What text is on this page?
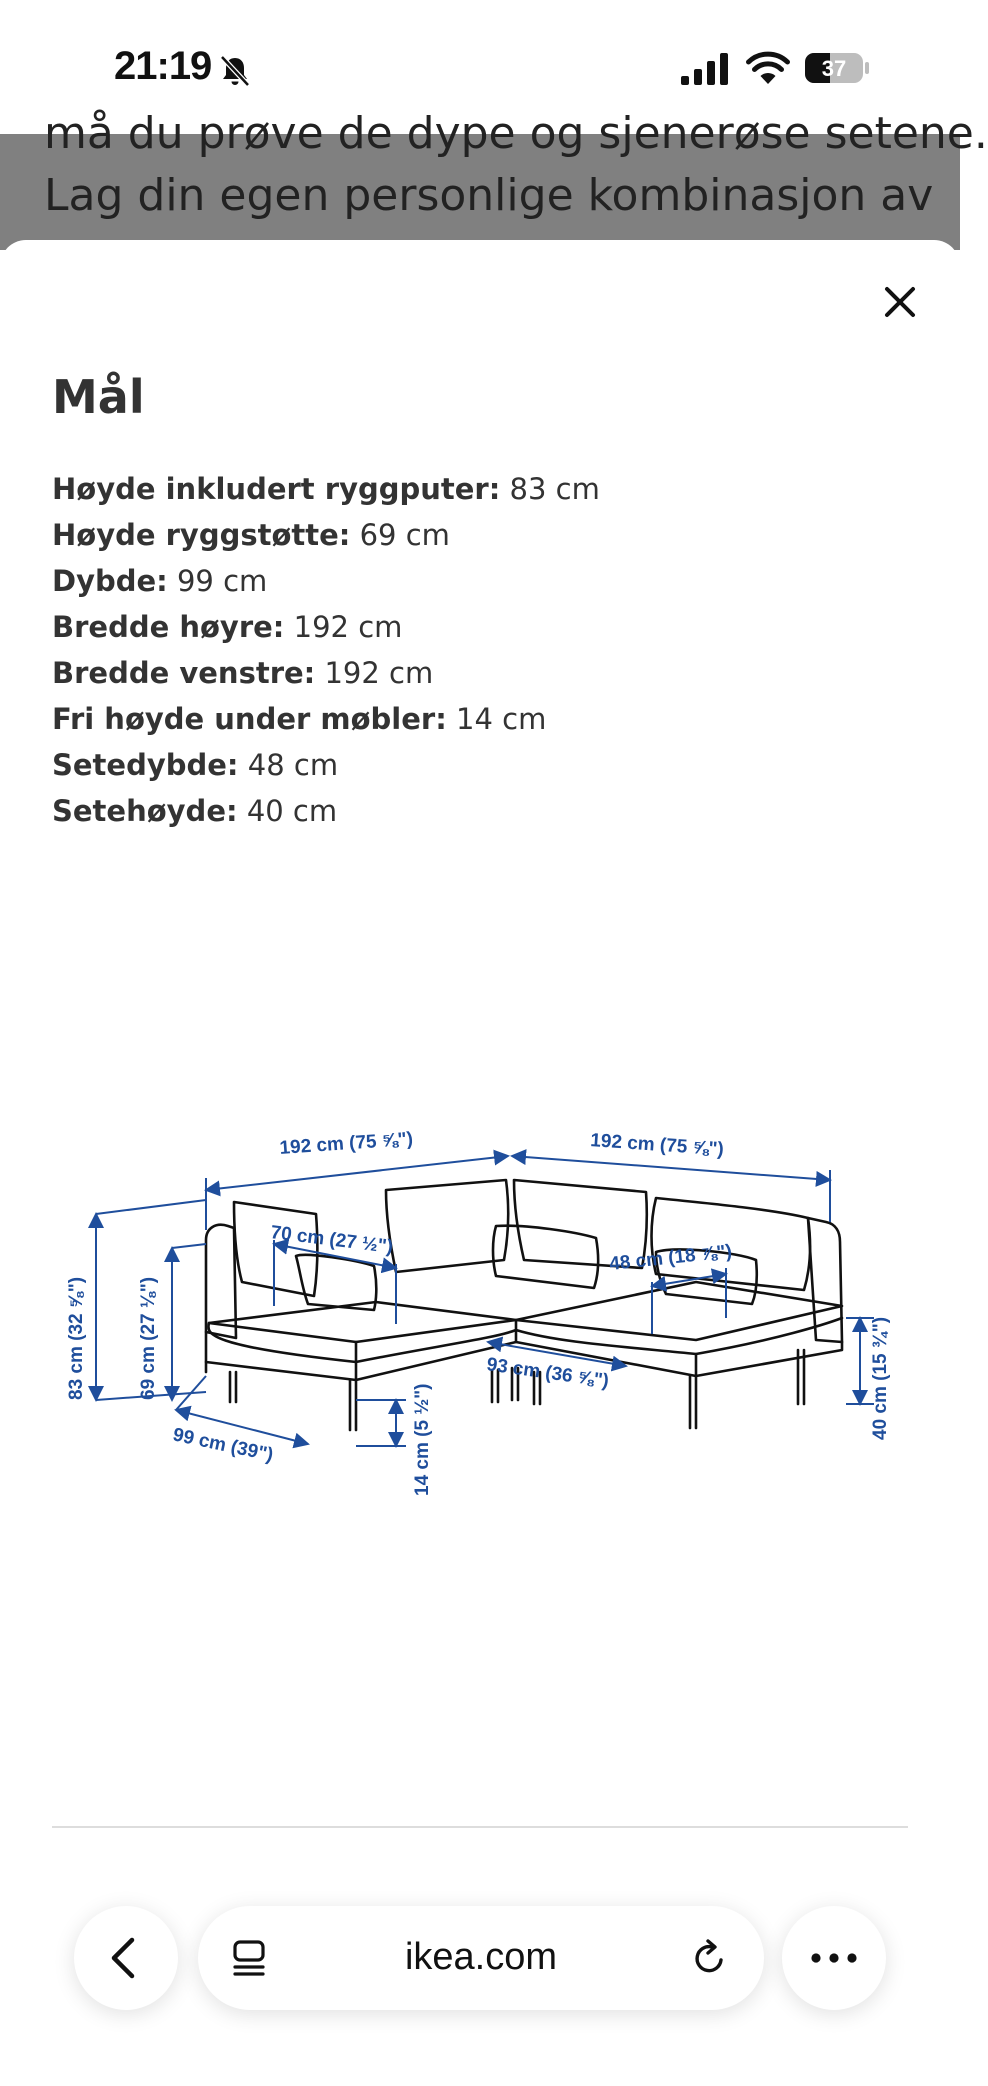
21:19	37
må du prøve de dype og sjenerøse setene.
Lag din egen personlige kombinasjon av
Mål
Høyde inkludert ryggputer: 83 cm
Høyde ryggstøtte: 69 cm
Dybde: 99 cm
Bredde høyre: 192 cm
Bredde venstre: 192 cm
Fri høyde under møbler: 14 cm
Setedybde: 48 cm
Setehøyde: 40 cm
192 cm (75 ⅝")	192 cm (75 ⅝")
83 cm (32 ⅝")	69 cm (27 ⅛")
99 cm (39")	14 cm (5 ½")
70 cm (27 ½")
48 cm (18 ⅞")
93 cm (36 ⅝")	40 cm (15 ¾")
ikea.com
